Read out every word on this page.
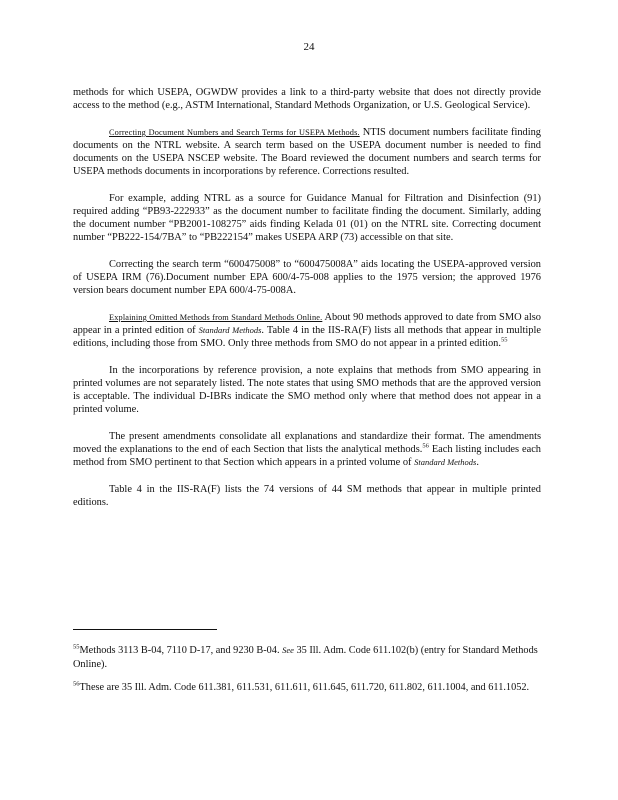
24

methods for which USEPA, OGWDW provides a link to a third-party website that does not directly provide access to the method (e.g., ASTM International, Standard Methods Organization, or U.S. Geological Service).

Correcting Document Numbers and Search Terms for USEPA Methods. NTIS document numbers facilitate finding documents on the NTRL website. A search term based on the USEPA document number is needed to find documents on the USEPA NSCEP website. The Board reviewed the document numbers and search terms for USEPA methods documents in incorporations by reference. Corrections resulted.

For example, adding NTRL as a source for Guidance Manual for Filtration and Disinfection (91) required adding “PB93-222933” as the document number to facilitate finding the document. Similarly, adding the document number “PB2001-108275” aids finding Kelada 01 (01) on the NTRL site. Correcting document number “PB222-154/7BA” to “PB222154” makes USEPA ARP (73) accessible on that site.

Correcting the search term “600475008” to “600475008A” aids locating the USEPA-approved version of USEPA IRM (76).Document number EPA 600/4-75-008 applies to the 1975 version; the approved 1976 version bears document number EPA 600/4-75-008A.

Explaining Omitted Methods from Standard Methods Online. About 90 methods approved to date from SMO also appear in a printed edition of Standard Methods. Table 4 in the IIS-RA(F) lists all methods that appear in multiple editions, including those from SMO. Only three methods from SMO do not appear in a printed edition.$^{55}$

In the incorporations by reference provision, a note explains that methods from SMO appearing in printed volumes are not separately listed. The note states that using SMO methods that are the approved version is acceptable. The individual D-IBRs indicate the SMO method only where that method does not appear in a printed volume.

The present amendments consolidate all explanations and standardize their format. The amendments moved the explanations to the end of each Section that lists the analytical methods.$^{56}$ Each listing includes each method from SMO pertinent to that Section which appears in a printed volume of Standard Methods.

Table 4 in the IIS-RA(F) lists the 74 versions of 44 SM methods that appear in multiple printed editions.

$^{55}$Methods 3113 B-04, 7110 D-17, and 9230 B-04. See 35 Ill. Adm. Code 611.102(b) (entry for Standard Methods Online).

$^{56}$These are 35 Ill. Adm. Code 611.381, 611.531, 611.611, 611.645, 611.720, 611.802, 611.1004, and 611.1052.
